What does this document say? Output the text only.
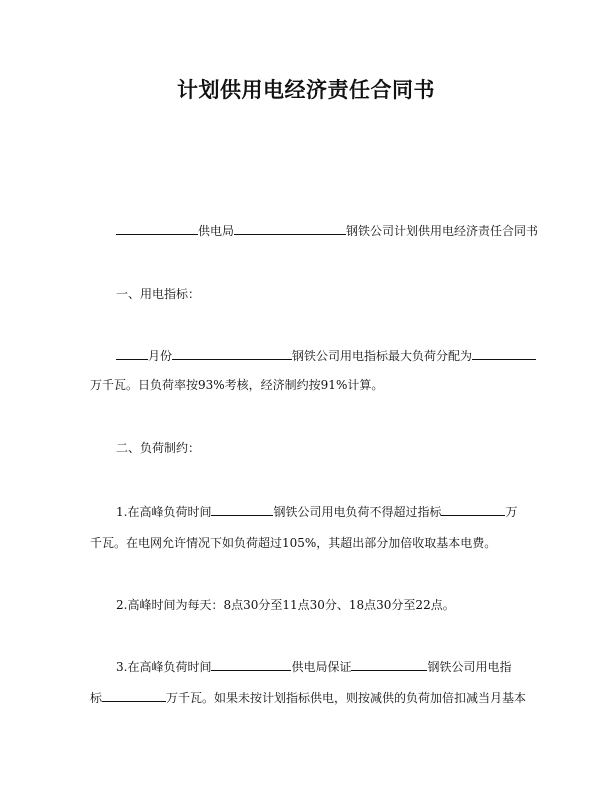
计划供用电经济责任合同书
供电局	钢铁公司计划供用电经济责任合同书
一、用电指标：
月份	钢铁公司用电指标最大负荷分配为
万千瓦。日负荷率按93%考核，经济制约按91%计算。
二、负荷制约：
1.在高峰负荷时间	钢铁公司用电负荷不得超过指标	万
千瓦。在电网允许情况下如负荷超过105%，其超出部分加倍收取基本电费。
2.高峰时间为每天：8点30分至11点30分、18点30分至22点。
3.在高峰负荷时间	供电局保证	钢铁公司用电指
标	万千瓦。如果未按计划指标供电，则按减供的负荷加倍扣减当月基本
